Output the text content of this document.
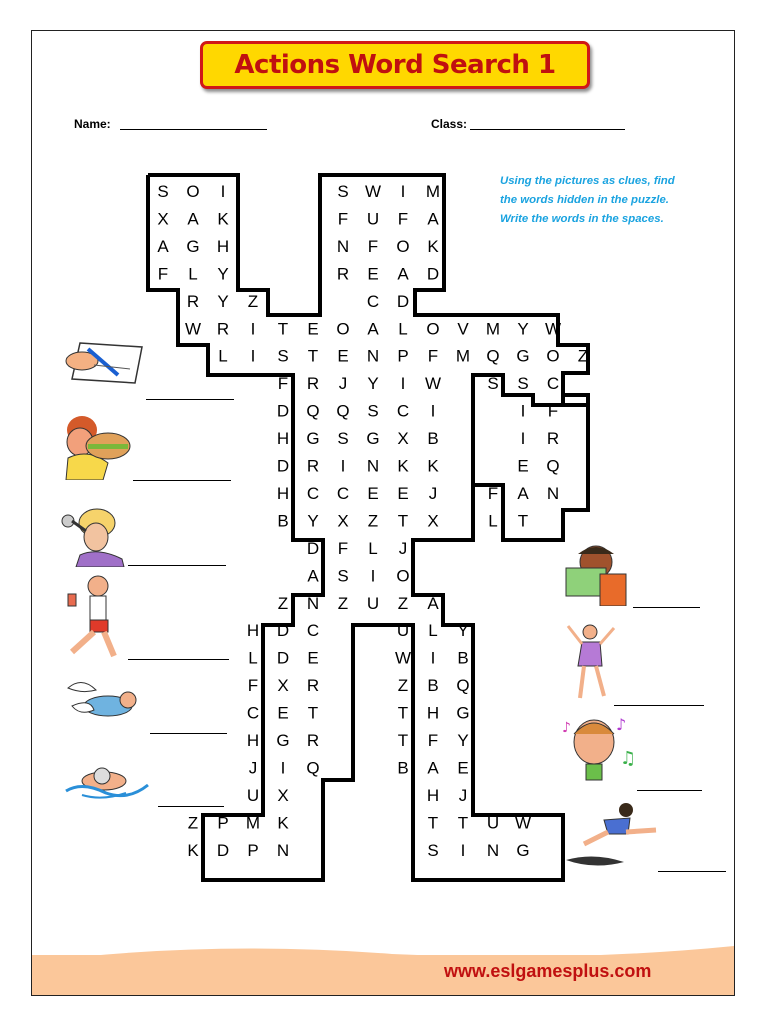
Actions Word Search 1
Name:	Class:

Using the pictures as clues, find the words hidden in the puzzle. Write the words in the spaces.

S O I	S W I M
X A K	F U F A
A G H	N F O K
F L Y	R E A D
R Y Z	C D
W R I T E O A L O V M Y W
L I S T E N P F M Q G O Z
F R J Y I W	S S C
D Q Q S C I	I F
H G S G X B	I R
D R I N K K	E Q
H C C E E J	F A N
B Y X Z T X	L T
D F L J
A S I O
Z N Z U Z A
H D C	U L Y
L D E	W I B
F X R	Z B Q
C E T	T H G
H G R	T F Y
J I Q	B A E
U X	H J
Z P M K	T T U W
K D P N	S I N G
♪
♫
♪
www.eslgamesplus.com
